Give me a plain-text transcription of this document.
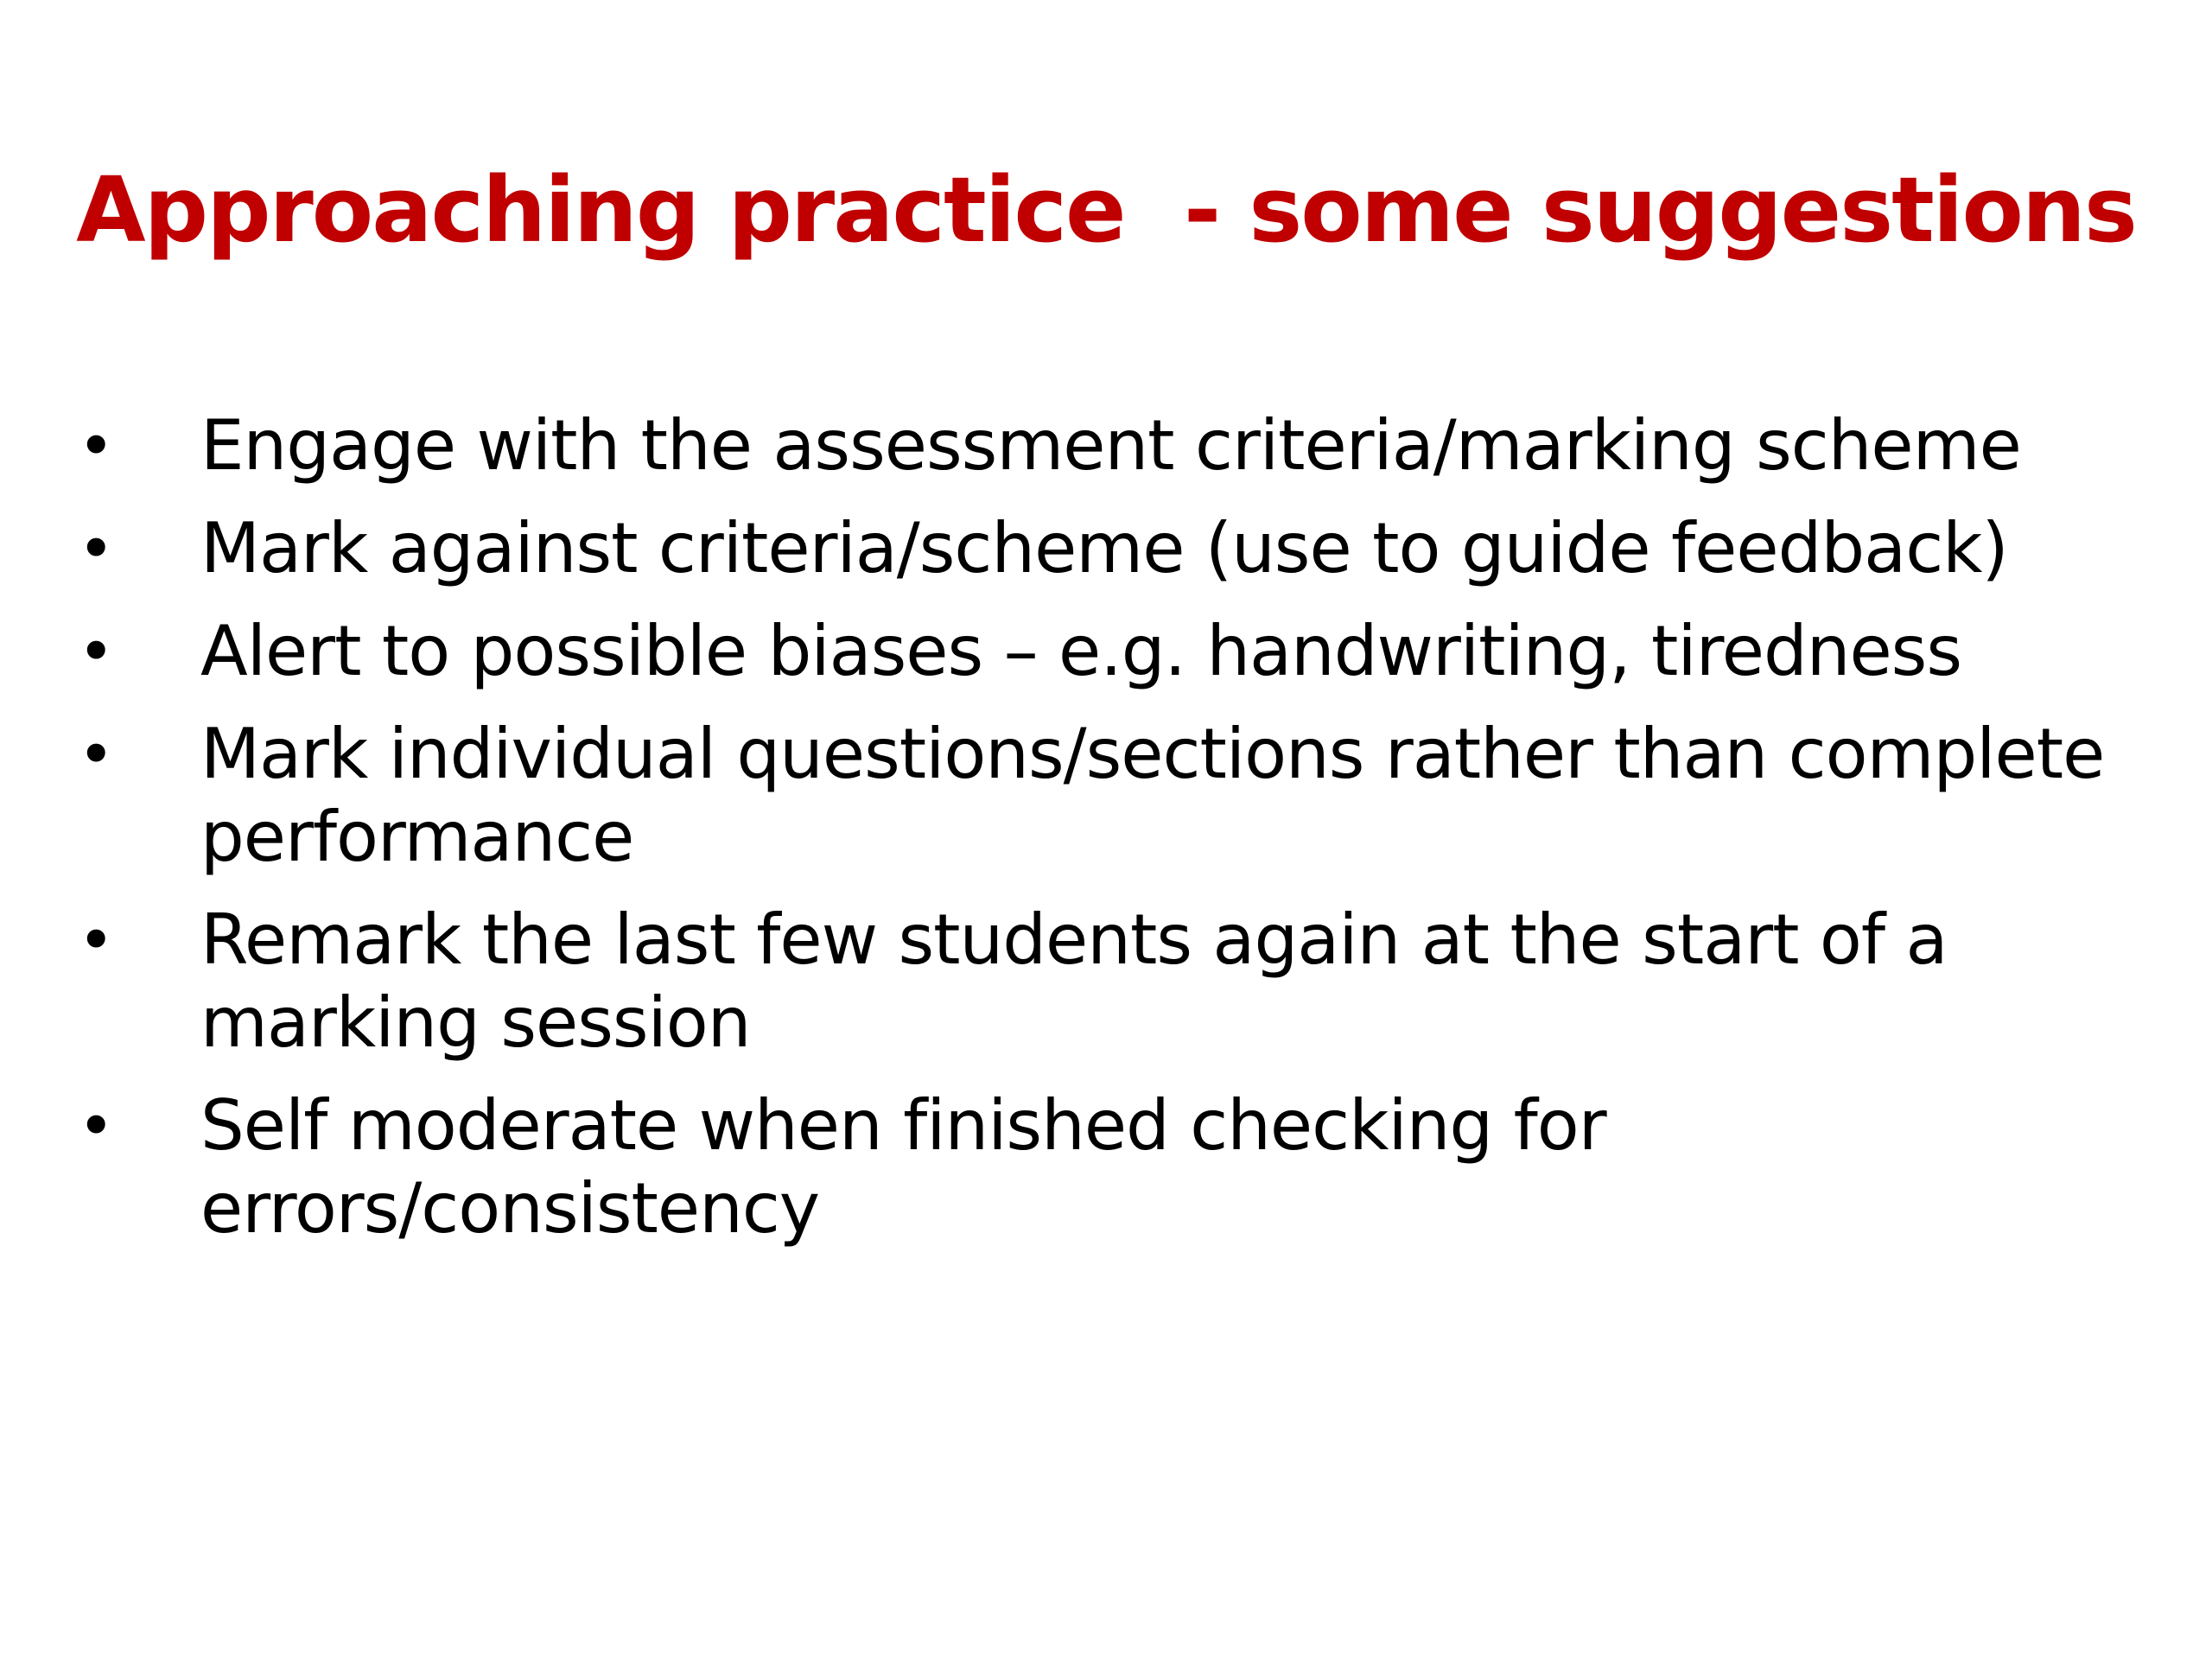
Approaching practice  - some suggestions
• Engage with the assessment criteria/marking scheme
• Mark against criteria/scheme (use to guide feedback)
• Alert to possible biases – e.g. handwriting, tiredness
• Mark individual questions/sections rather than complete performance
• Remark the last few students again at the start of a marking session
• Self moderate when finished checking for errors/consistency
